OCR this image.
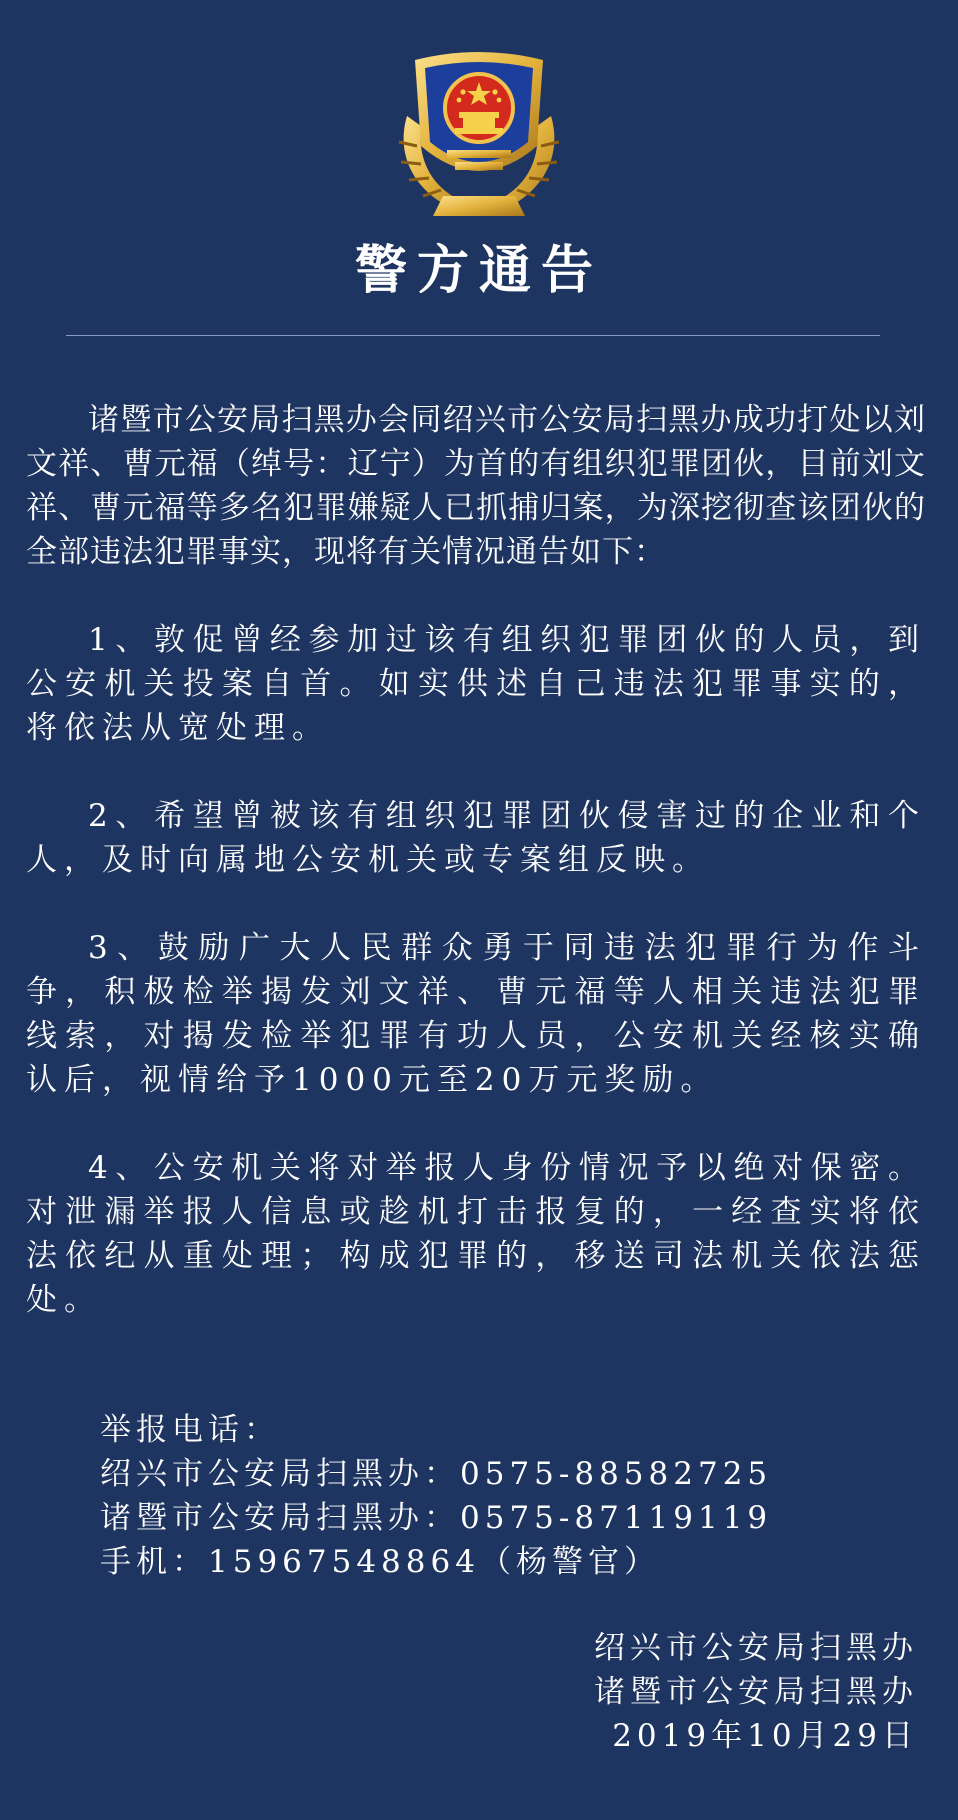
警方通告

诸暨市公安局扫黑办会同绍兴市公安局扫黑办成功打处以刘文祥、曹元福（绰号：辽宁）为首的有组织犯罪团伙，目前刘文祥、曹元福等多名犯罪嫌疑人已抓捕归案，为深挖彻查该团伙的全部违法犯罪事实，现将有关情况通告如下：

1、敦促曾经参加过该有组织犯罪团伙的人员，到公安机关投案自首。如实供述自己违法犯罪事实的，将依法从宽处理。

2、希望曾被该有组织犯罪团伙侵害过的企业和个人，及时向属地公安机关或专案组反映。

3、鼓励广大人民群众勇于同违法犯罪行为作斗争，积极检举揭发刘文祥、曹元福等人相关违法犯罪线索，对揭发检举犯罪有功人员，公安机关经核实确认后，视情给予1000元至20万元奖励。

4、公安机关将对举报人身份情况予以绝对保密。对泄漏举报人信息或趁机打击报复的，一经查实将依法依纪从重处理；构成犯罪的，移送司法机关依法惩处。

举报电话：
绍兴市公安局扫黑办：0575-88582725
诸暨市公安局扫黑办：0575-87119119
手机：15967548864（杨警官）
绍兴市公安局扫黑办
诸暨市公安局扫黑办
2019年10月29日
